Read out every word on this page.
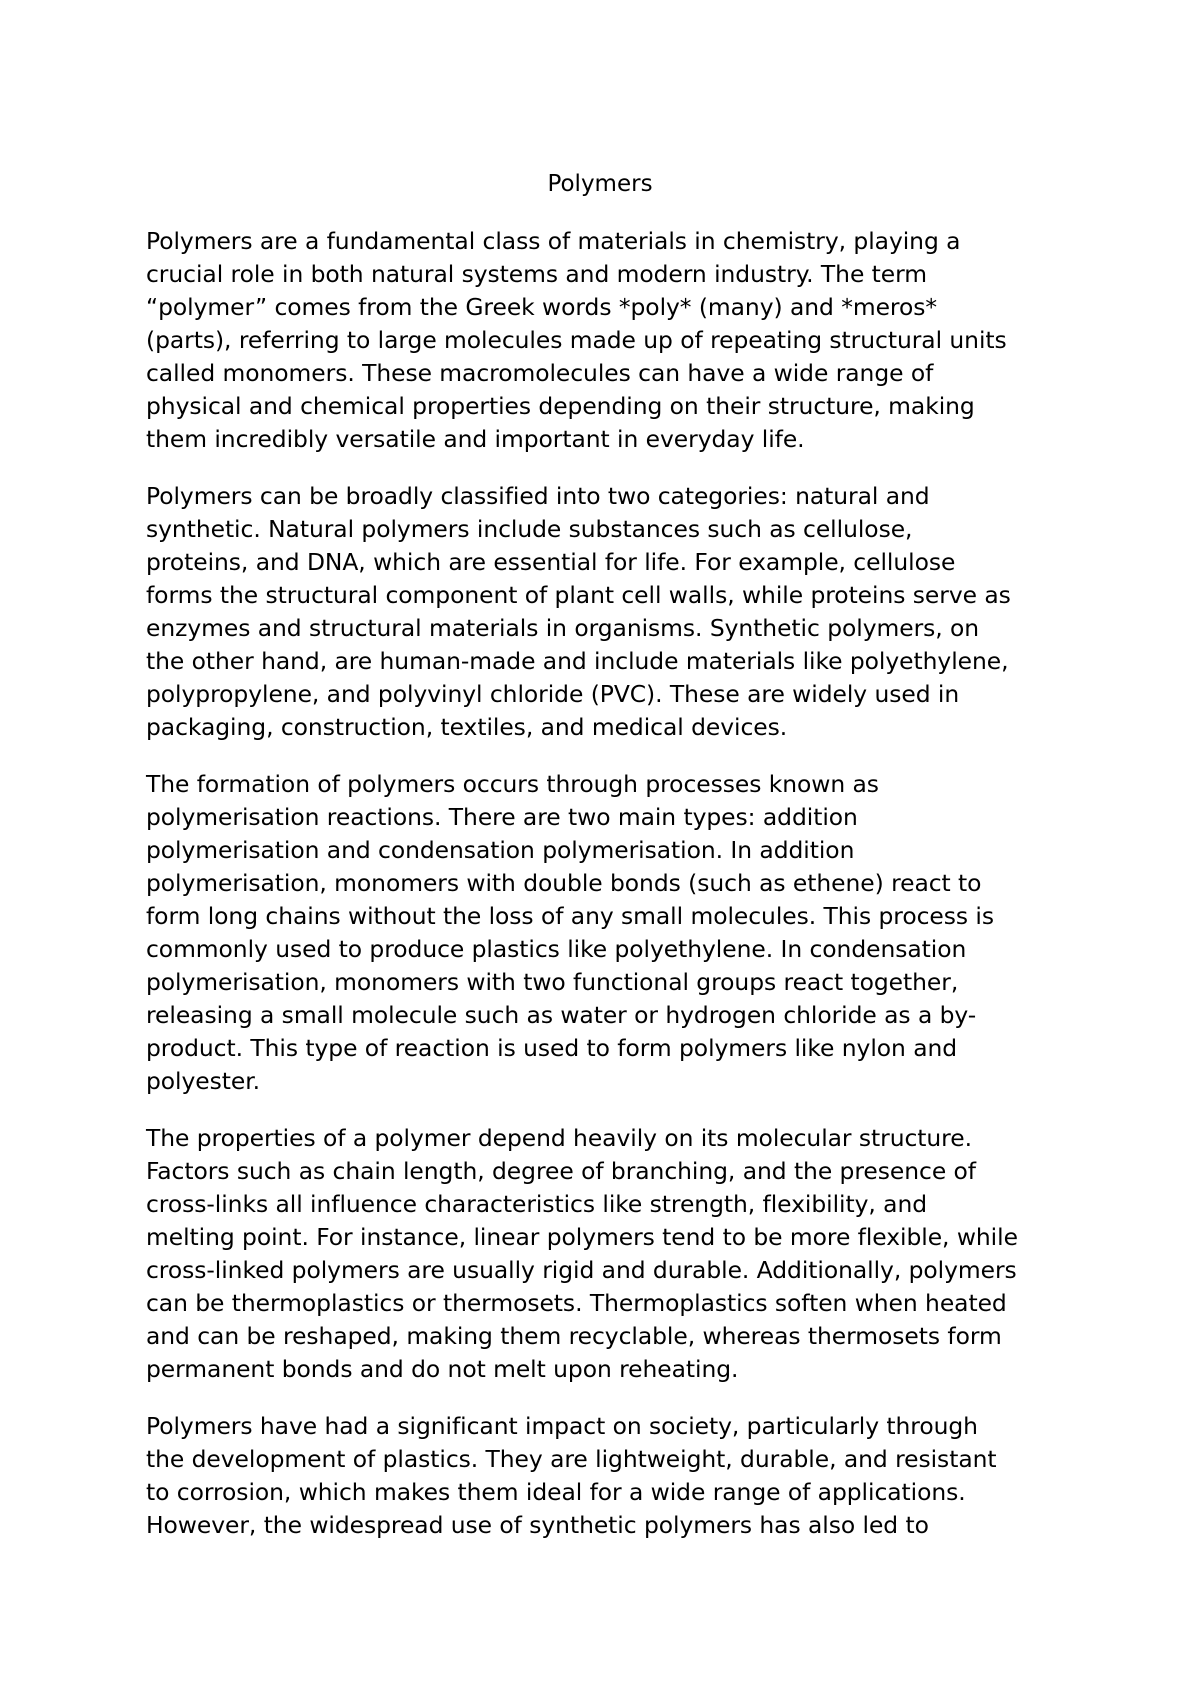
Polymers

Polymers are a fundamental class of materials in chemistry, playing a
crucial role in both natural systems and modern industry. The term
“polymer” comes from the Greek words *poly* (many) and *meros*
(parts), referring to large molecules made up of repeating structural units
called monomers. These macromolecules can have a wide range of
physical and chemical properties depending on their structure, making
them incredibly versatile and important in everyday life.

Polymers can be broadly classified into two categories: natural and
synthetic. Natural polymers include substances such as cellulose,
proteins, and DNA, which are essential for life. For example, cellulose
forms the structural component of plant cell walls, while proteins serve as
enzymes and structural materials in organisms. Synthetic polymers, on
the other hand, are human-made and include materials like polyethylene,
polypropylene, and polyvinyl chloride (PVC). These are widely used in
packaging, construction, textiles, and medical devices.

The formation of polymers occurs through processes known as
polymerisation reactions. There are two main types: addition
polymerisation and condensation polymerisation. In addition
polymerisation, monomers with double bonds (such as ethene) react to
form long chains without the loss of any small molecules. This process is
commonly used to produce plastics like polyethylene. In condensation
polymerisation, monomers with two functional groups react together,
releasing a small molecule such as water or hydrogen chloride as a by-
product. This type of reaction is used to form polymers like nylon and
polyester.

The properties of a polymer depend heavily on its molecular structure.
Factors such as chain length, degree of branching, and the presence of
cross-links all influence characteristics like strength, flexibility, and
melting point. For instance, linear polymers tend to be more flexible, while
cross-linked polymers are usually rigid and durable. Additionally, polymers
can be thermoplastics or thermosets. Thermoplastics soften when heated
and can be reshaped, making them recyclable, whereas thermosets form
permanent bonds and do not melt upon reheating.

Polymers have had a significant impact on society, particularly through
the development of plastics. They are lightweight, durable, and resistant
to corrosion, which makes them ideal for a wide range of applications.
However, the widespread use of synthetic polymers has also led to
